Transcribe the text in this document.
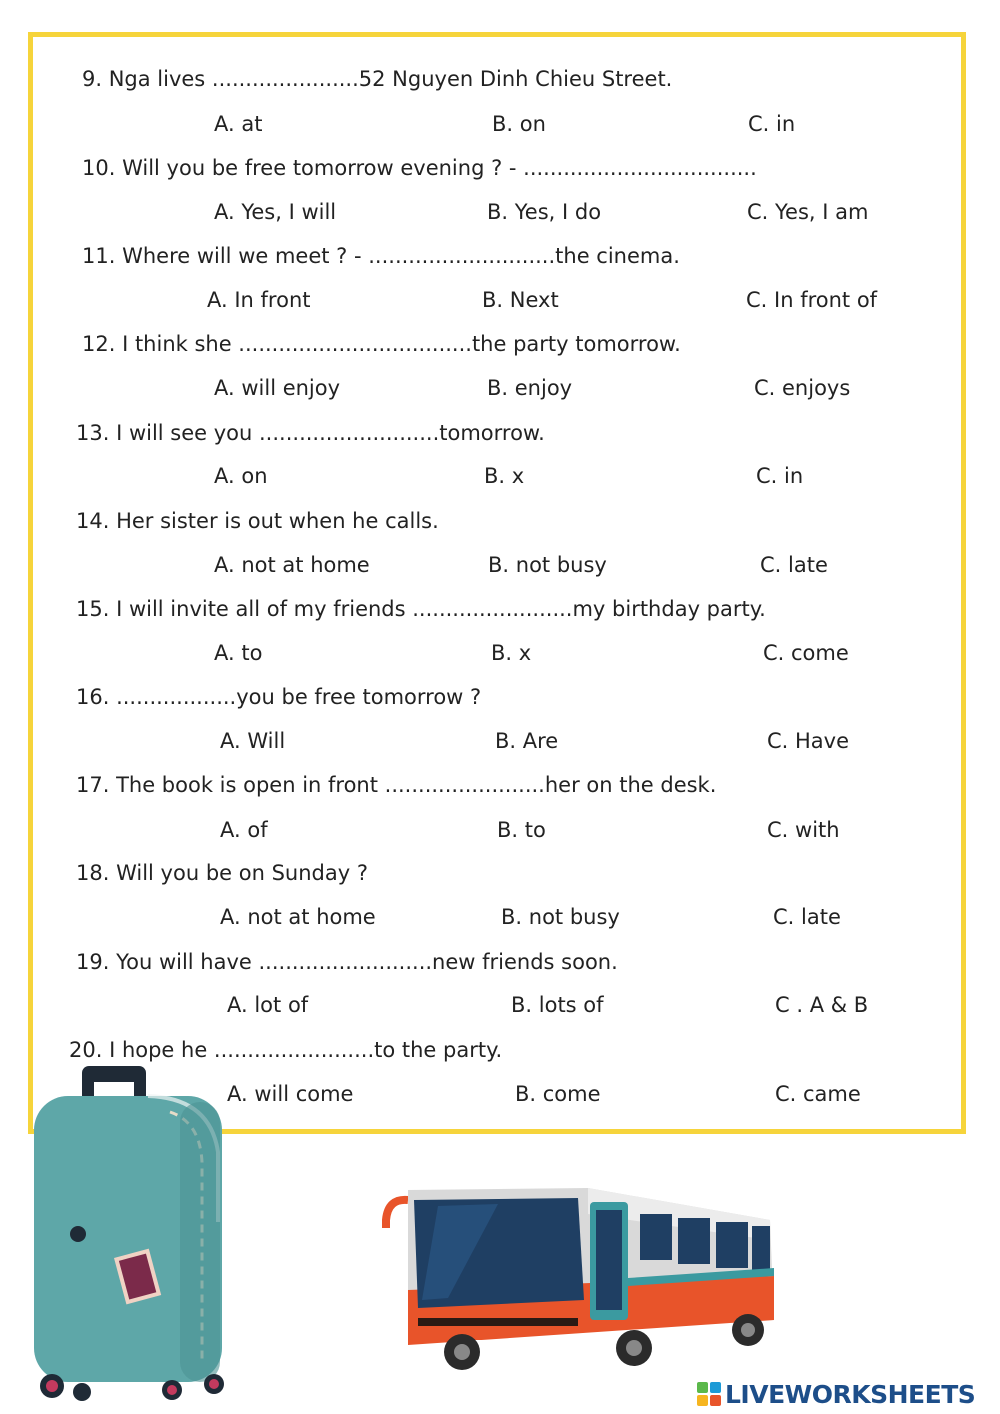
9. Nga lives ......................52 Nguyen Dinh Chieu Street.
A. at	B. on	C. in
10. Will you be free tomorrow evening ? - ...................................
A. Yes, I will	B. Yes, I do	C. Yes, I am
11. Where will we meet ? - ............................the cinema.
A. In front	B. Next	C. In front of
12. I think she ...................................the party tomorrow.
A. will enjoy	B. enjoy	C. enjoys
13. I will see you ...........................tomorrow.
A. on	B. x	C. in
14. Her sister is out when he calls.
A. not at home	B. not busy	C. late
15. I will invite all of my friends ........................my birthday party.
A. to	B. x	C. come
16. ..................you be free tomorrow ?
A. Will	B. Are	C. Have
17. The book is open in front ........................her on the desk.
A. of	B. to	C. with
18. Will you be on Sunday ?
A. not at home	B. not busy	C. late
19. You will have ..........................new friends soon.
A. lot of	B. lots of	C . A & B
20. I hope he ........................to the party.
A. will come	B. come	C. came
LIVEWORKSHEETS
